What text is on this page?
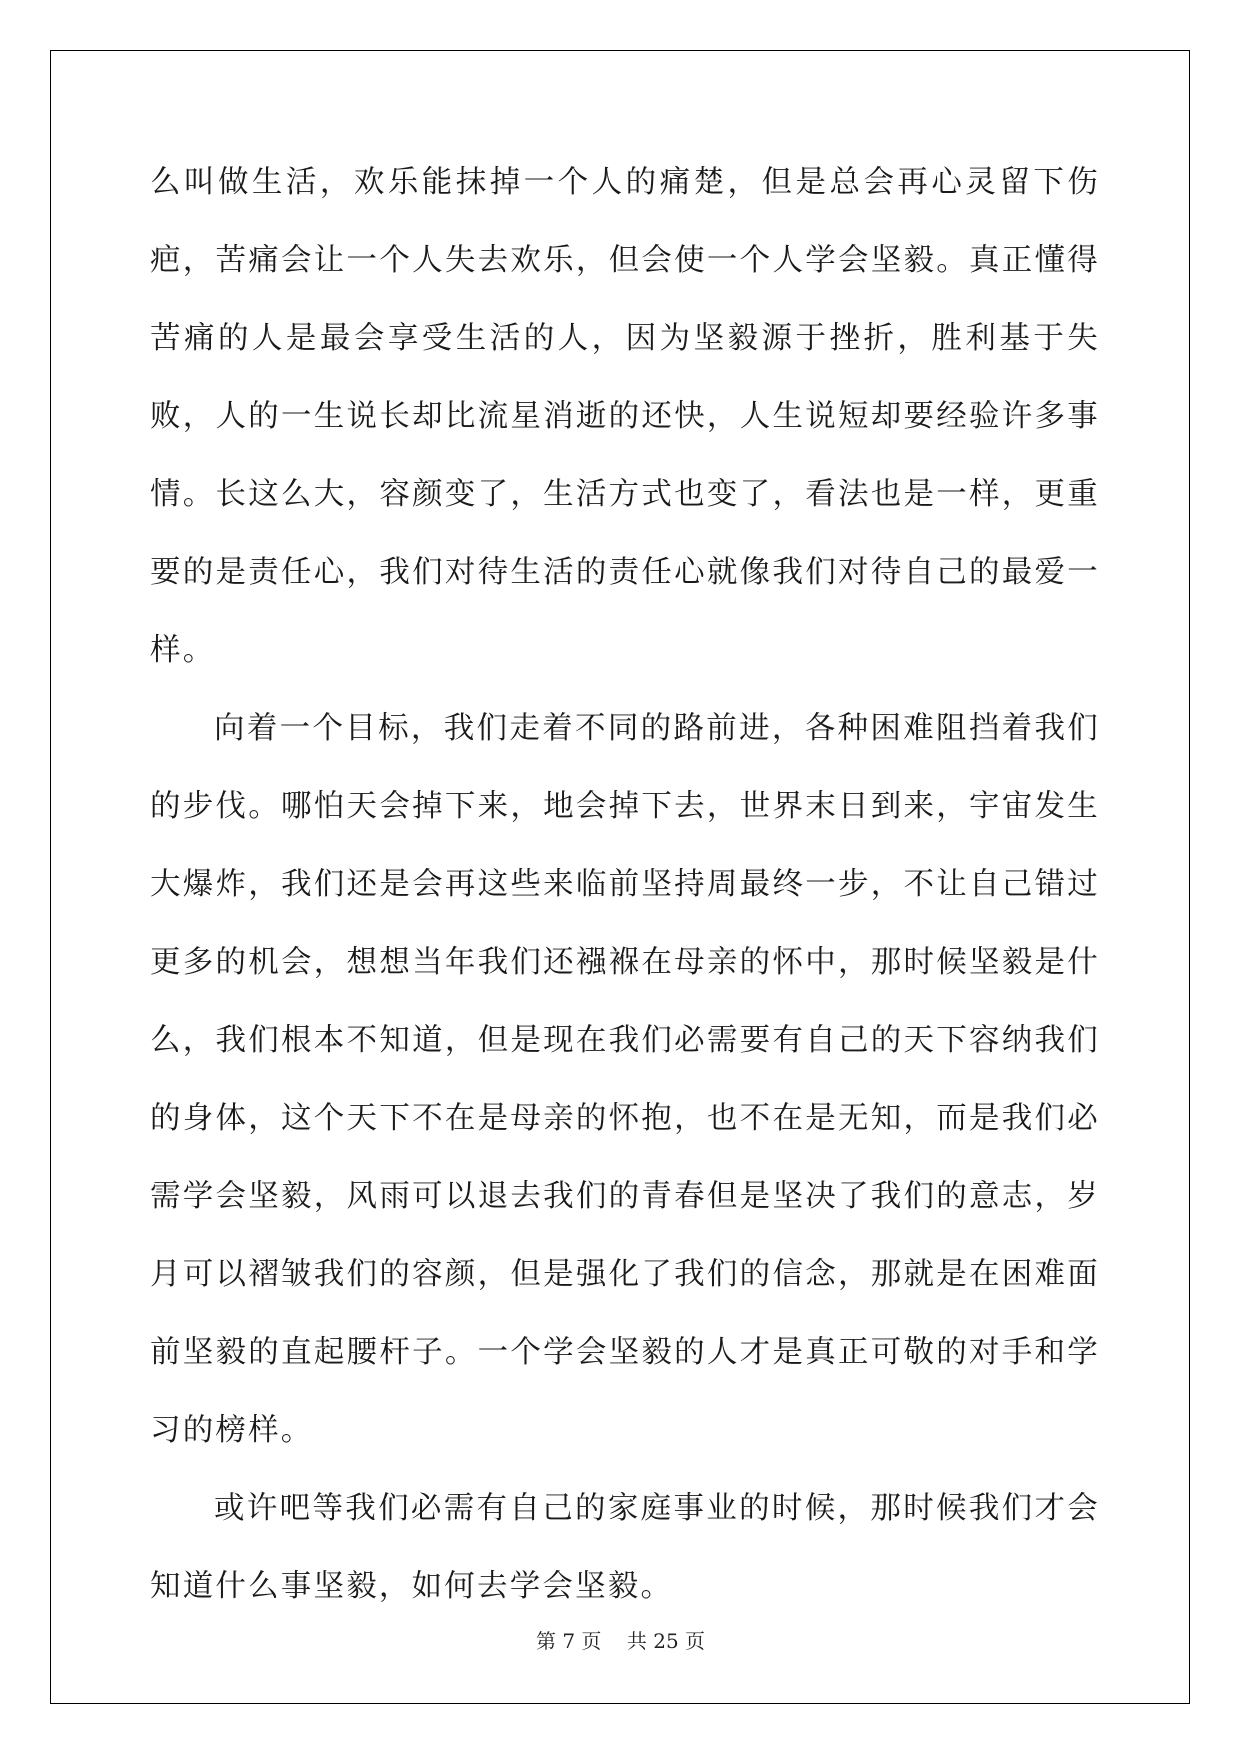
么叫做生活，欢乐能抹掉一个人的痛楚，但是总会再心灵留下伤疤，苦痛会让一个人失去欢乐，但会使一个人学会坚毅。真正懂得苦痛的人是最会享受生活的人，因为坚毅源于挫折，胜利基于失败，人的一生说长却比流星消逝的还快，人生说短却要经验许多事情。长这么大，容颜变了，生活方式也变了，看法也是一样，更重要的是责任心，我们对待生活的责任心就像我们对待自己的最爱一样。

向着一个目标，我们走着不同的路前进，各种困难阻挡着我们的步伐。哪怕天会掉下来，地会掉下去，世界末日到来，宇宙发生大爆炸，我们还是会再这些来临前坚持周最终一步，不让自己错过更多的机会，想想当年我们还襁褓在母亲的怀中，那时候坚毅是什么，我们根本不知道，但是现在我们必需要有自己的天下容纳我们的身体，这个天下不在是母亲的怀抱，也不在是无知，而是我们必需学会坚毅，风雨可以退去我们的青春但是坚决了我们的意志，岁月可以褶皱我们的容颜，但是强化了我们的信念，那就是在困难面前坚毅的直起腰杆子。一个学会坚毅的人才是真正可敬的对手和学习的榜样。

或许吧等我们必需有自己的家庭事业的时候，那时候我们才会知道什么事坚毅，如何去学会坚毅。

第 7 页 共 25 页
